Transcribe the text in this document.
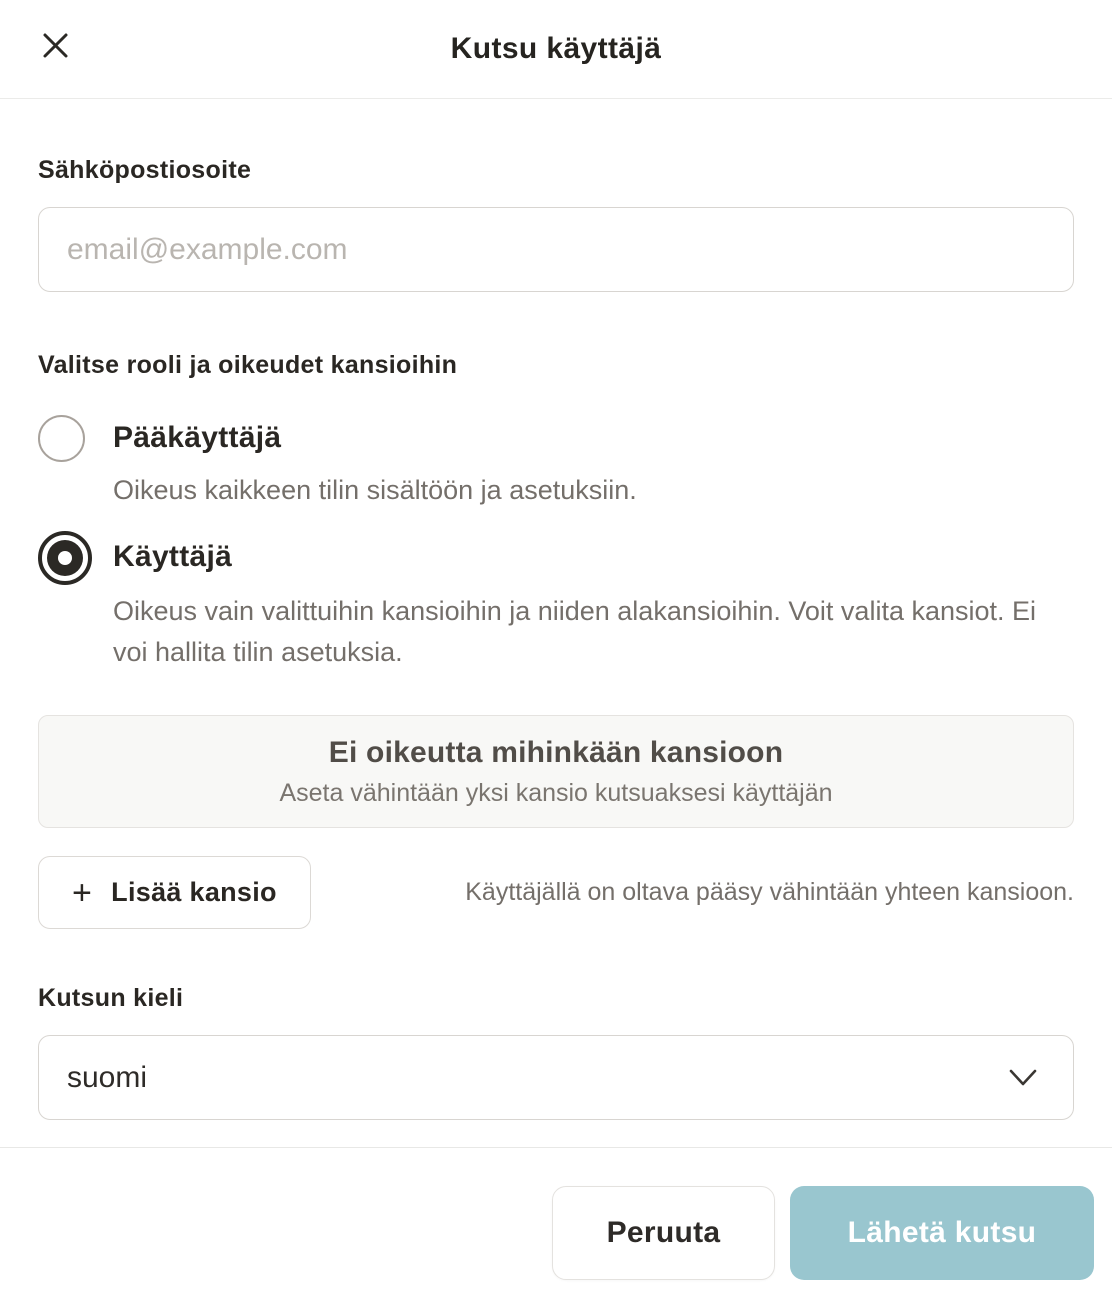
Kutsu käyttäjä
Sähköpostiosoite
email@example.com
Valitse rooli ja oikeudet kansioihin
Pääkäyttäjä
Oikeus kaikkeen tilin sisältöön ja asetuksiin.
Käyttäjä
Oikeus vain valittuihin kansioihin ja niiden alakansioihin. Voit valita kansiot. Ei voi hallita tilin asetuksia.
Ei oikeutta mihinkään kansioon
Aseta vähintään yksi kansio kutsuaksesi käyttäjän
+ Lisää kansio	Käyttäjällä on oltava pääsy vähintään yhteen kansioon.
Kutsun kieli
suomi
Peruuta	Lähetä kutsu
